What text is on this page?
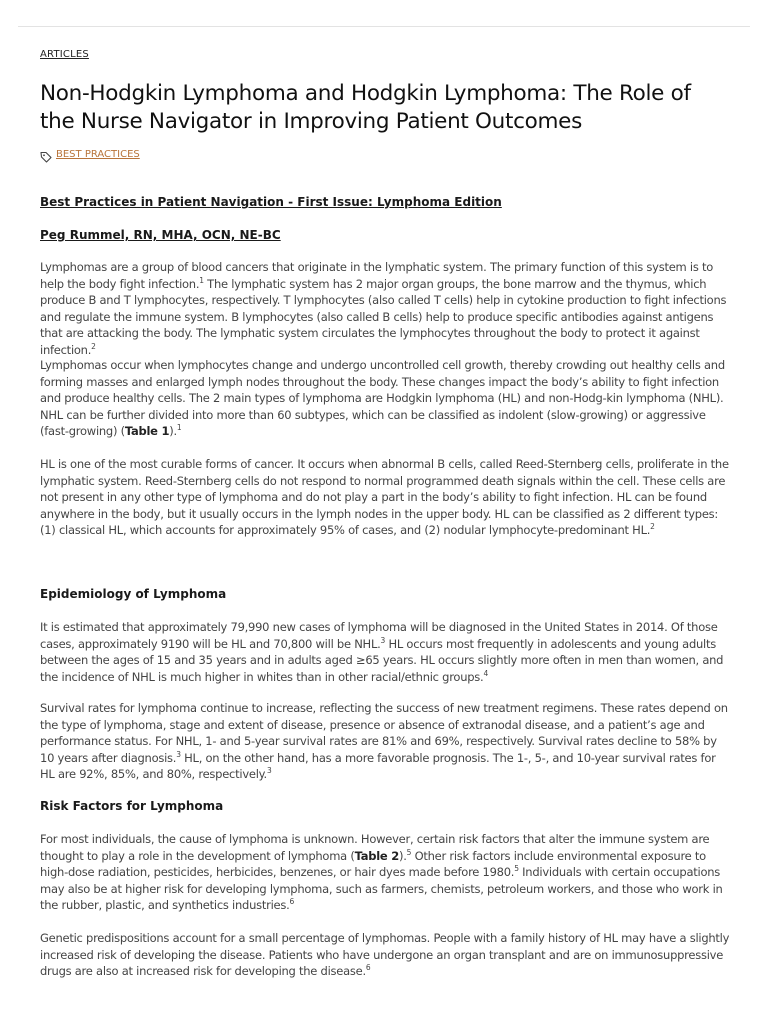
ARTICLES
Non-Hodgkin Lymphoma and Hodgkin Lymphoma: The Role of the Nurse Navigator in Improving Patient Outcomes
BEST PRACTICES

Best Practices in Patient Navigation - First Issue: Lymphoma Edition

Peg Rummel, RN, MHA, OCN, NE-BC

Lymphomas are a group of blood cancers that originate in the lymphatic system. The primary function of this system is to help the body fight infection.$^1$ The lymphatic system has 2 major organ groups, the bone marrow and the thymus, which produce B and T lymphocytes, respectively. T lymphocytes (also called T cells) help in cytokine production to fight infections and regulate the immune system. B lymphocytes (also called B cells) help to produce specific antibodies against antigens that are attacking the body. The lymphatic system circulates the lymphocytes throughout the body to protect it against infection.$^2$

Lymphomas occur when lymphocytes change and undergo uncontrolled cell growth, thereby crowding out healthy cells and forming masses and enlarged lymph nodes throughout the body. These changes impact the body’s ability to fight infection and produce healthy cells. The 2 main types of lymphoma are Hodgkin lymphoma (HL) and non-Hodg-kin lymphoma (NHL). NHL can be further divided into more than 60 subtypes, which can be classified as indolent (slow-growing) or aggressive (fast-growing) (Table 1).$^1$

HL is one of the most curable forms of cancer. It occurs when abnormal B cells, called Reed-Sternberg cells, proliferate in the lymphatic system. Reed-Sternberg cells do not respond to normal programmed death signals within the cell. These cells are not present in any other type of lymphoma and do not play a part in the body’s ability to fight infection. HL can be found anywhere in the body, but it usually occurs in the lymph nodes in the upper body. HL can be classified as 2 different types: (1) classical HL, which accounts for approximately 95% of cases, and (2) nodular lymphocyte-predominant HL.$^2$

Epidemiology of Lymphoma

It is estimated that approximately 79,990 new cases of lymphoma will be diagnosed in the United States in 2014. Of those cases, approximately 9190 will be HL and 70,800 will be NHL.$^3$ HL occurs most frequently in adolescents and young adults between the ages of 15 and 35 years and in adults aged ≥65 years. HL occurs slightly more often in men than women, and the incidence of NHL is much higher in whites than in other racial/ethnic groups.$^4$

Survival rates for lymphoma continue to increase, reflecting the success of new treatment regimens. These rates depend on the type of lymphoma, stage and extent of disease, presence or absence of extranodal disease, and a patient’s age and performance status. For NHL, 1- and 5-year survival rates are 81% and 69%, respectively. Survival rates decline to 58% by 10 years after diagnosis.$^3$ HL, on the other hand, has a more favorable prognosis. The 1-, 5-, and 10-year survival rates for HL are 92%, 85%, and 80%, respectively.$^3$

Risk Factors for Lymphoma

For most individuals, the cause of lymphoma is unknown. However, certain risk factors that alter the immune system are thought to play a role in the development of lymphoma (Table 2).$^5$ Other risk factors include environmental exposure to high-dose radiation, pesticides, herbicides, benzenes, or hair dyes made before 1980.$^5$ Individuals with certain occupations may also be at higher risk for developing lymphoma, such as farmers, chemists, petroleum workers, and those who work in the rubber, plastic, and synthetics industries.$^6$

Genetic predispositions account for a small percentage of lymphomas. People with a family history of HL may have a slightly increased risk of developing the disease. Patients who have undergone an organ transplant and are on immunosuppressive drugs are also at increased risk for developing the disease.$^6$
